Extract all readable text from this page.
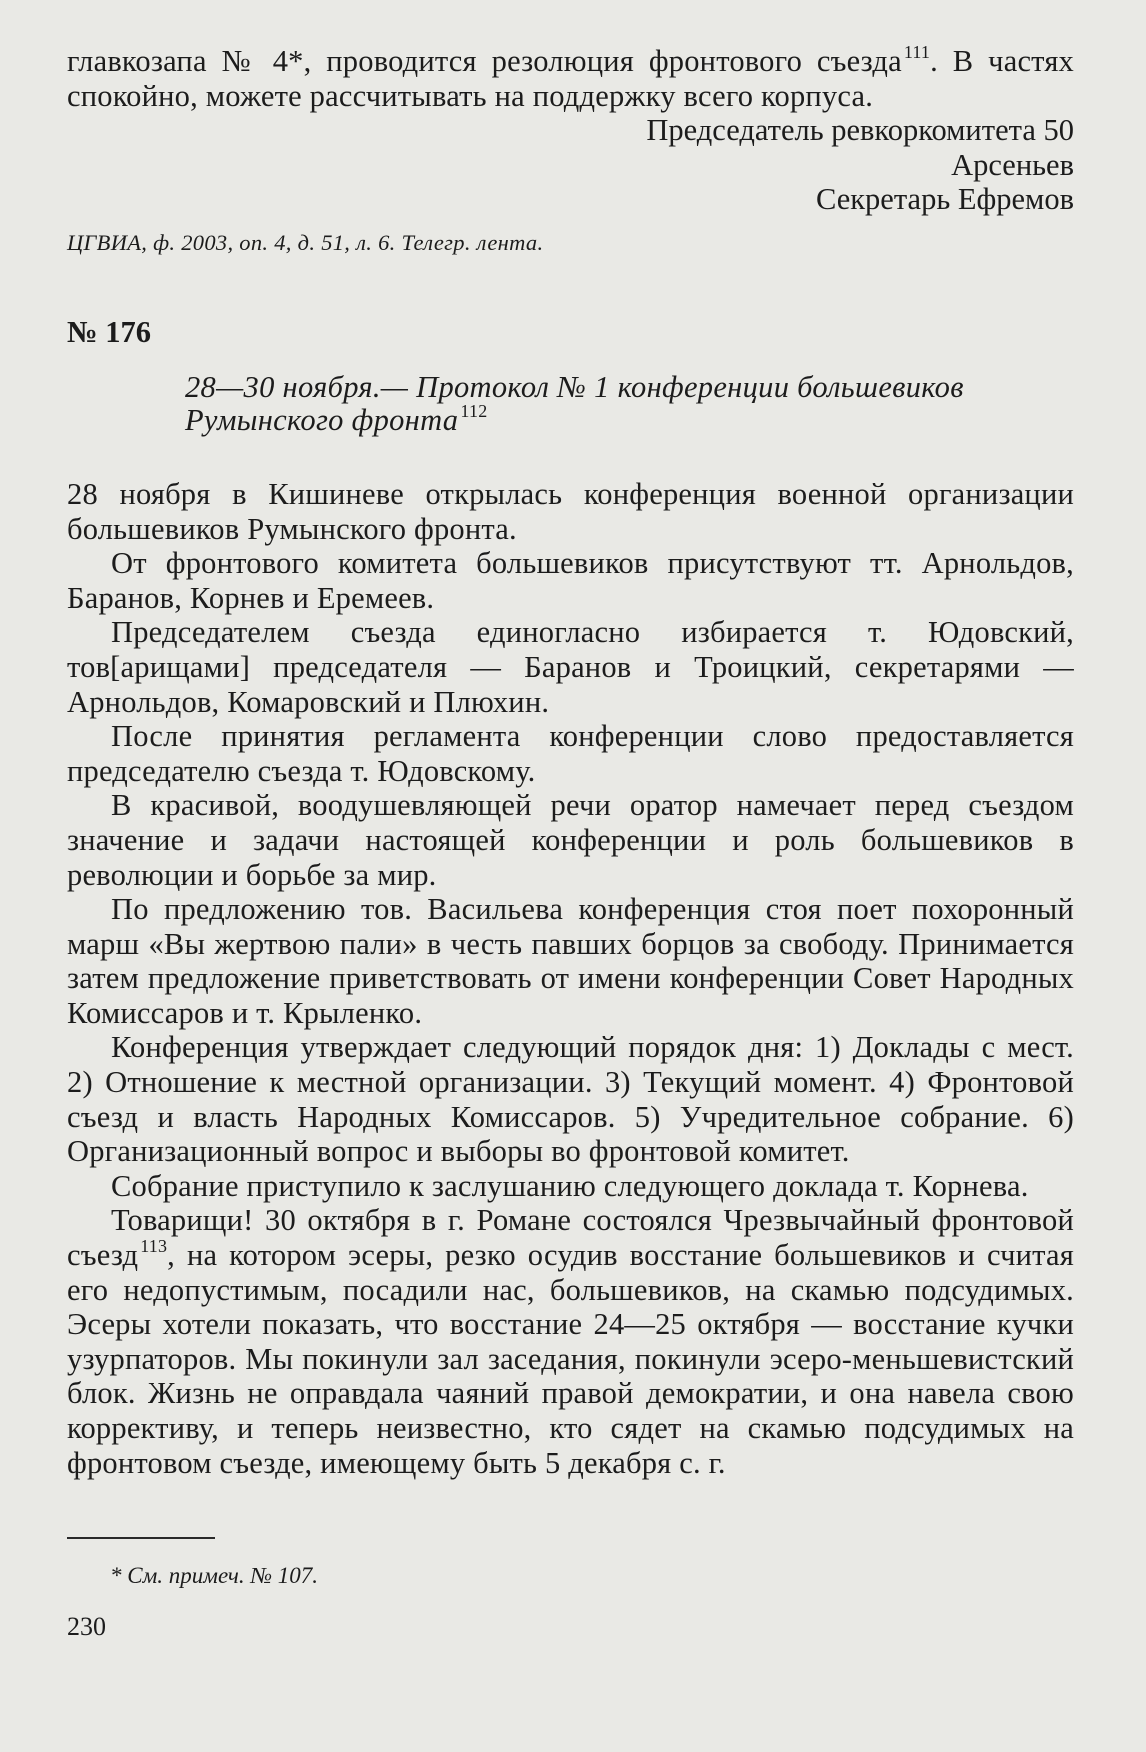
главкозапа № 4*, проводится резолюция фронтового съезда $^{111}$. В частях спокойно, можете рассчитывать на поддержку всего корпуса.

Председатель ревкоркомитета 50
Арсеньев
Секретарь Ефремов
ЦГВИА, ф. 2003, оп. 4, д. 51, л. 6. Телегр. лента.
№ 176
28—30 ноября.— Протокол № 1 конференции большевиков Румынского фронта $^{112}$

28 ноября в Кишиневе открылась конференция военной организации большевиков Румынского фронта.

От фронтового комитета большевиков присутствуют тт. Арнольдов, Баранов, Корнев и Еремеев.

Председателем съезда единогласно избирается т. Юдовский, тов[арищами] председателя — Баранов и Троицкий, секретарями — Арнольдов, Комаровский и Плюхин.

После принятия регламента конференции слово предоставляется председателю съезда т. Юдовскому.

В красивой, воодушевляющей речи оратор намечает перед съездом значение и задачи настоящей конференции и роль большевиков в революции и борьбе за мир.

По предложению тов. Васильева конференция стоя поет похоронный марш «Вы жертвою пали» в честь павших борцов за свободу. Принимается затем предложение приветствовать от имени конференции Совет Народных Комиссаров и т. Крыленко.

Конференция утверждает следующий порядок дня: 1) Доклады с мест. 2) Отношение к местной организации. 3) Текущий момент. 4) Фронтовой съезд и власть Народных Комиссаров. 5) Учредительное собрание. 6) Организационный вопрос и выборы во фронтовой комитет.

Собрание приступило к заслушанию следующего доклада т. Корнева.

Товарищи! 30 октября в г. Романе состоялся Чрезвычайный фронтовой съезд $^{113}$, на котором эсеры, резко осудив восстание большевиков и считая его недопустимым, посадили нас, большевиков, на скамью подсудимых. Эсеры хотели показать, что восстание 24—25 октября — восстание кучки узурпаторов. Мы покинули зал заседания, покинули эсеро-меньшевистский блок. Жизнь не оправдала чаяний правой демократии, и она навела свою коррективу, и теперь неизвестно, кто сядет на скамью подсудимых на фронтовом съезде, имеющему быть 5 декабря с. г.

* См. примеч. № 107.
230
